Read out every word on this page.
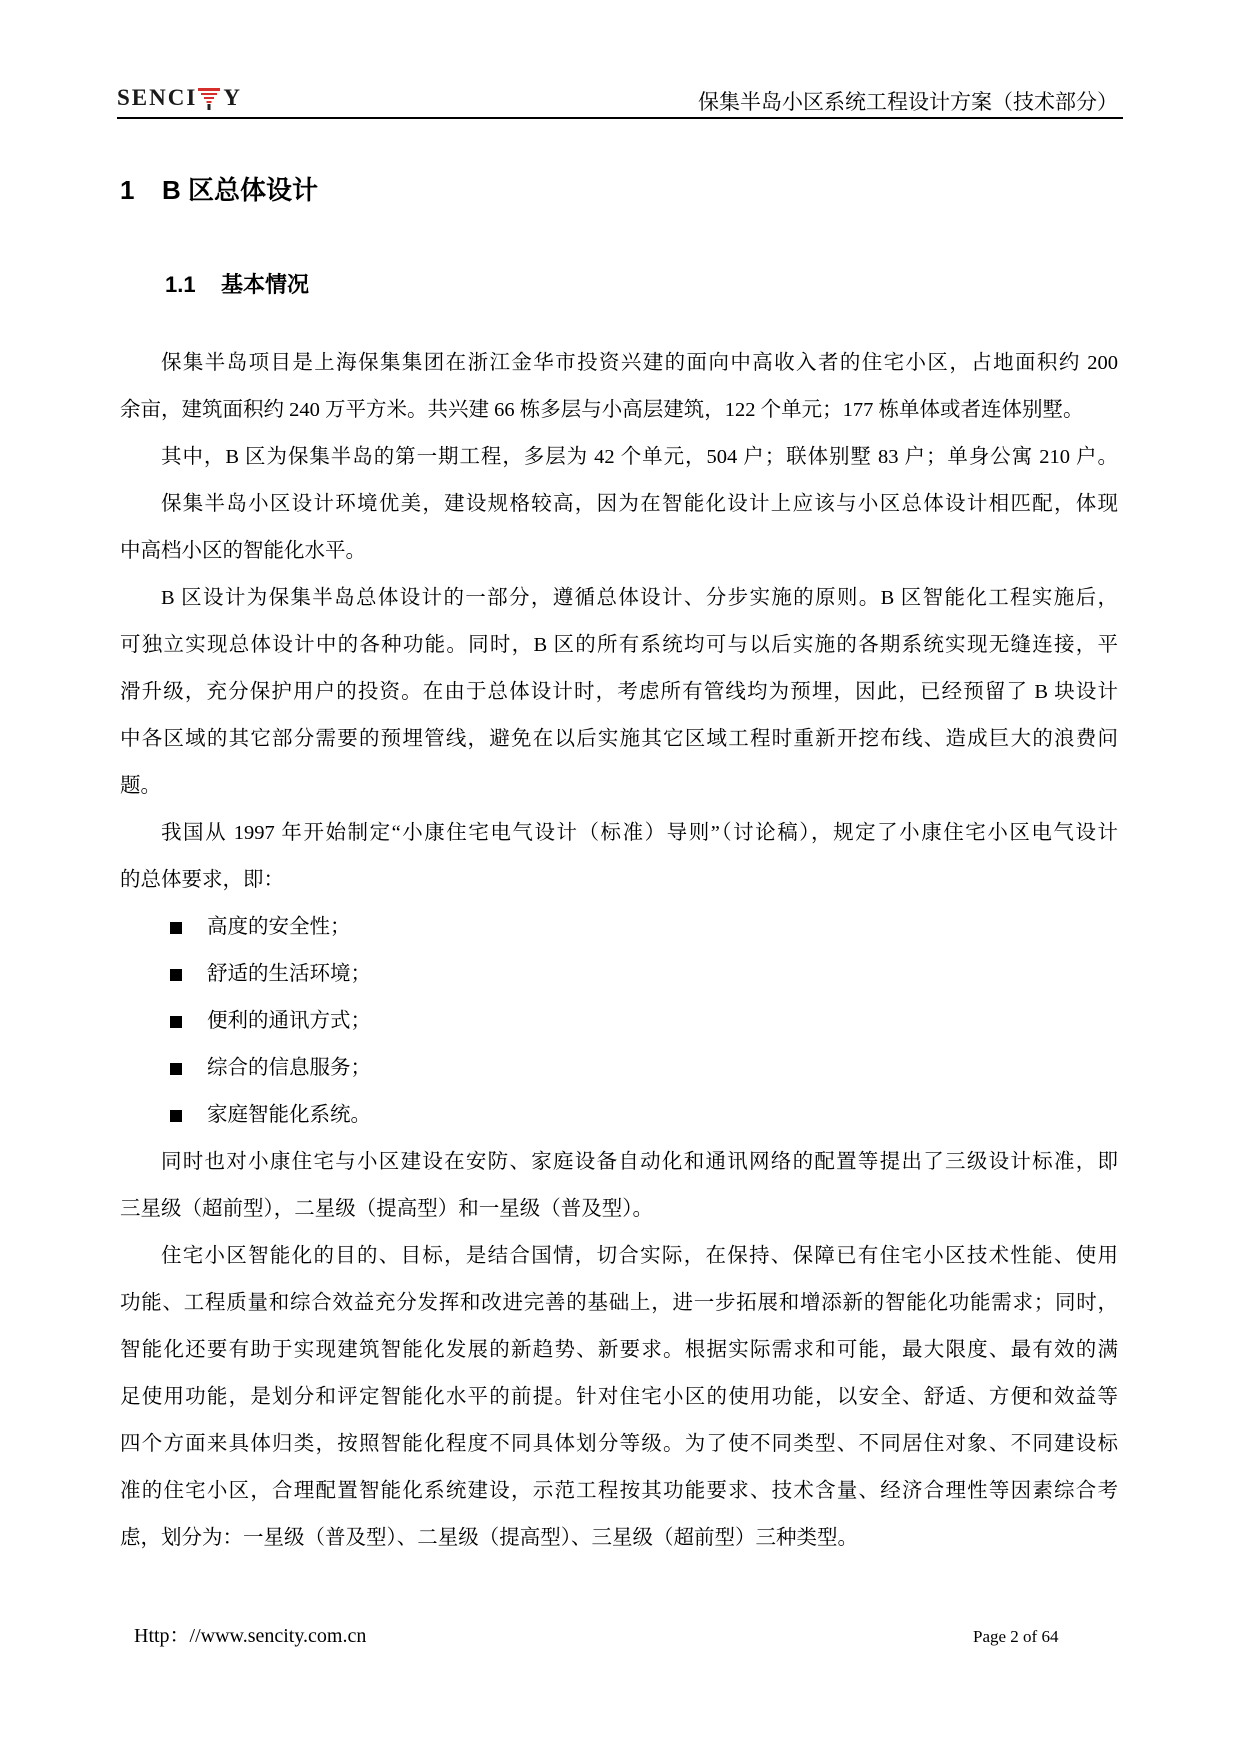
SENCI Y	保集半岛小区系统工程设计方案（技术部分）
1 B 区总体设计
1.1 基本情况
保集半岛项目是上海保集集团在浙江金华市投资兴建的面向中高收入者的住宅小区，占地面积约 200
余亩，建筑面积约 240 万平方米。共兴建 66 栋多层与小高层建筑，122 个单元；177 栋单体或者连体别墅。
其中，B 区为保集半岛的第一期工程，多层为 42 个单元，504 户；联体别墅 83 户；单身公寓 210 户。
保集半岛小区设计环境优美，建设规格较高，因为在智能化设计上应该与小区总体设计相匹配，体现
中高档小区的智能化水平。
B 区设计为保集半岛总体设计的一部分，遵循总体设计、分步实施的原则。B 区智能化工程实施后，
可独立实现总体设计中的各种功能。同时，B 区的所有系统均可与以后实施的各期系统实现无缝连接，平
滑升级，充分保护用户的投资。在由于总体设计时，考虑所有管线均为预埋，因此，已经预留了 B 块设计
中各区域的其它部分需要的预埋管线，避免在以后实施其它区域工程时重新开挖布线、造成巨大的浪费问
题。
我国从 1997 年开始制定“小康住宅电气设计（标准）导则”（讨论稿），规定了小康住宅小区电气设计
的总体要求，即：
高度的安全性；
舒适的生活环境；
便利的通讯方式；
综合的信息服务；
家庭智能化系统。
同时也对小康住宅与小区建设在安防、家庭设备自动化和通讯网络的配置等提出了三级设计标准，即
三星级（超前型），二星级（提高型）和一星级（普及型）。
住宅小区智能化的目的、目标，是结合国情，切合实际，在保持、保障已有住宅小区技术性能、使用
功能、工程质量和综合效益充分发挥和改进完善的基础上，进一步拓展和增添新的智能化功能需求；同时，
智能化还要有助于实现建筑智能化发展的新趋势、新要求。根据实际需求和可能，最大限度、最有效的满
足使用功能，是划分和评定智能化水平的前提。针对住宅小区的使用功能，以安全、舒适、方便和效益等
四个方面来具体归类，按照智能化程度不同具体划分等级。为了使不同类型、不同居住对象、不同建设标
准的住宅小区，合理配置智能化系统建设，示范工程按其功能要求、技术含量、经济合理性等因素综合考
虑，划分为：一星级（普及型）、二星级（提高型）、三星级（超前型）三种类型。
Http：//www.sencity.com.cn	Page 2 of 64
